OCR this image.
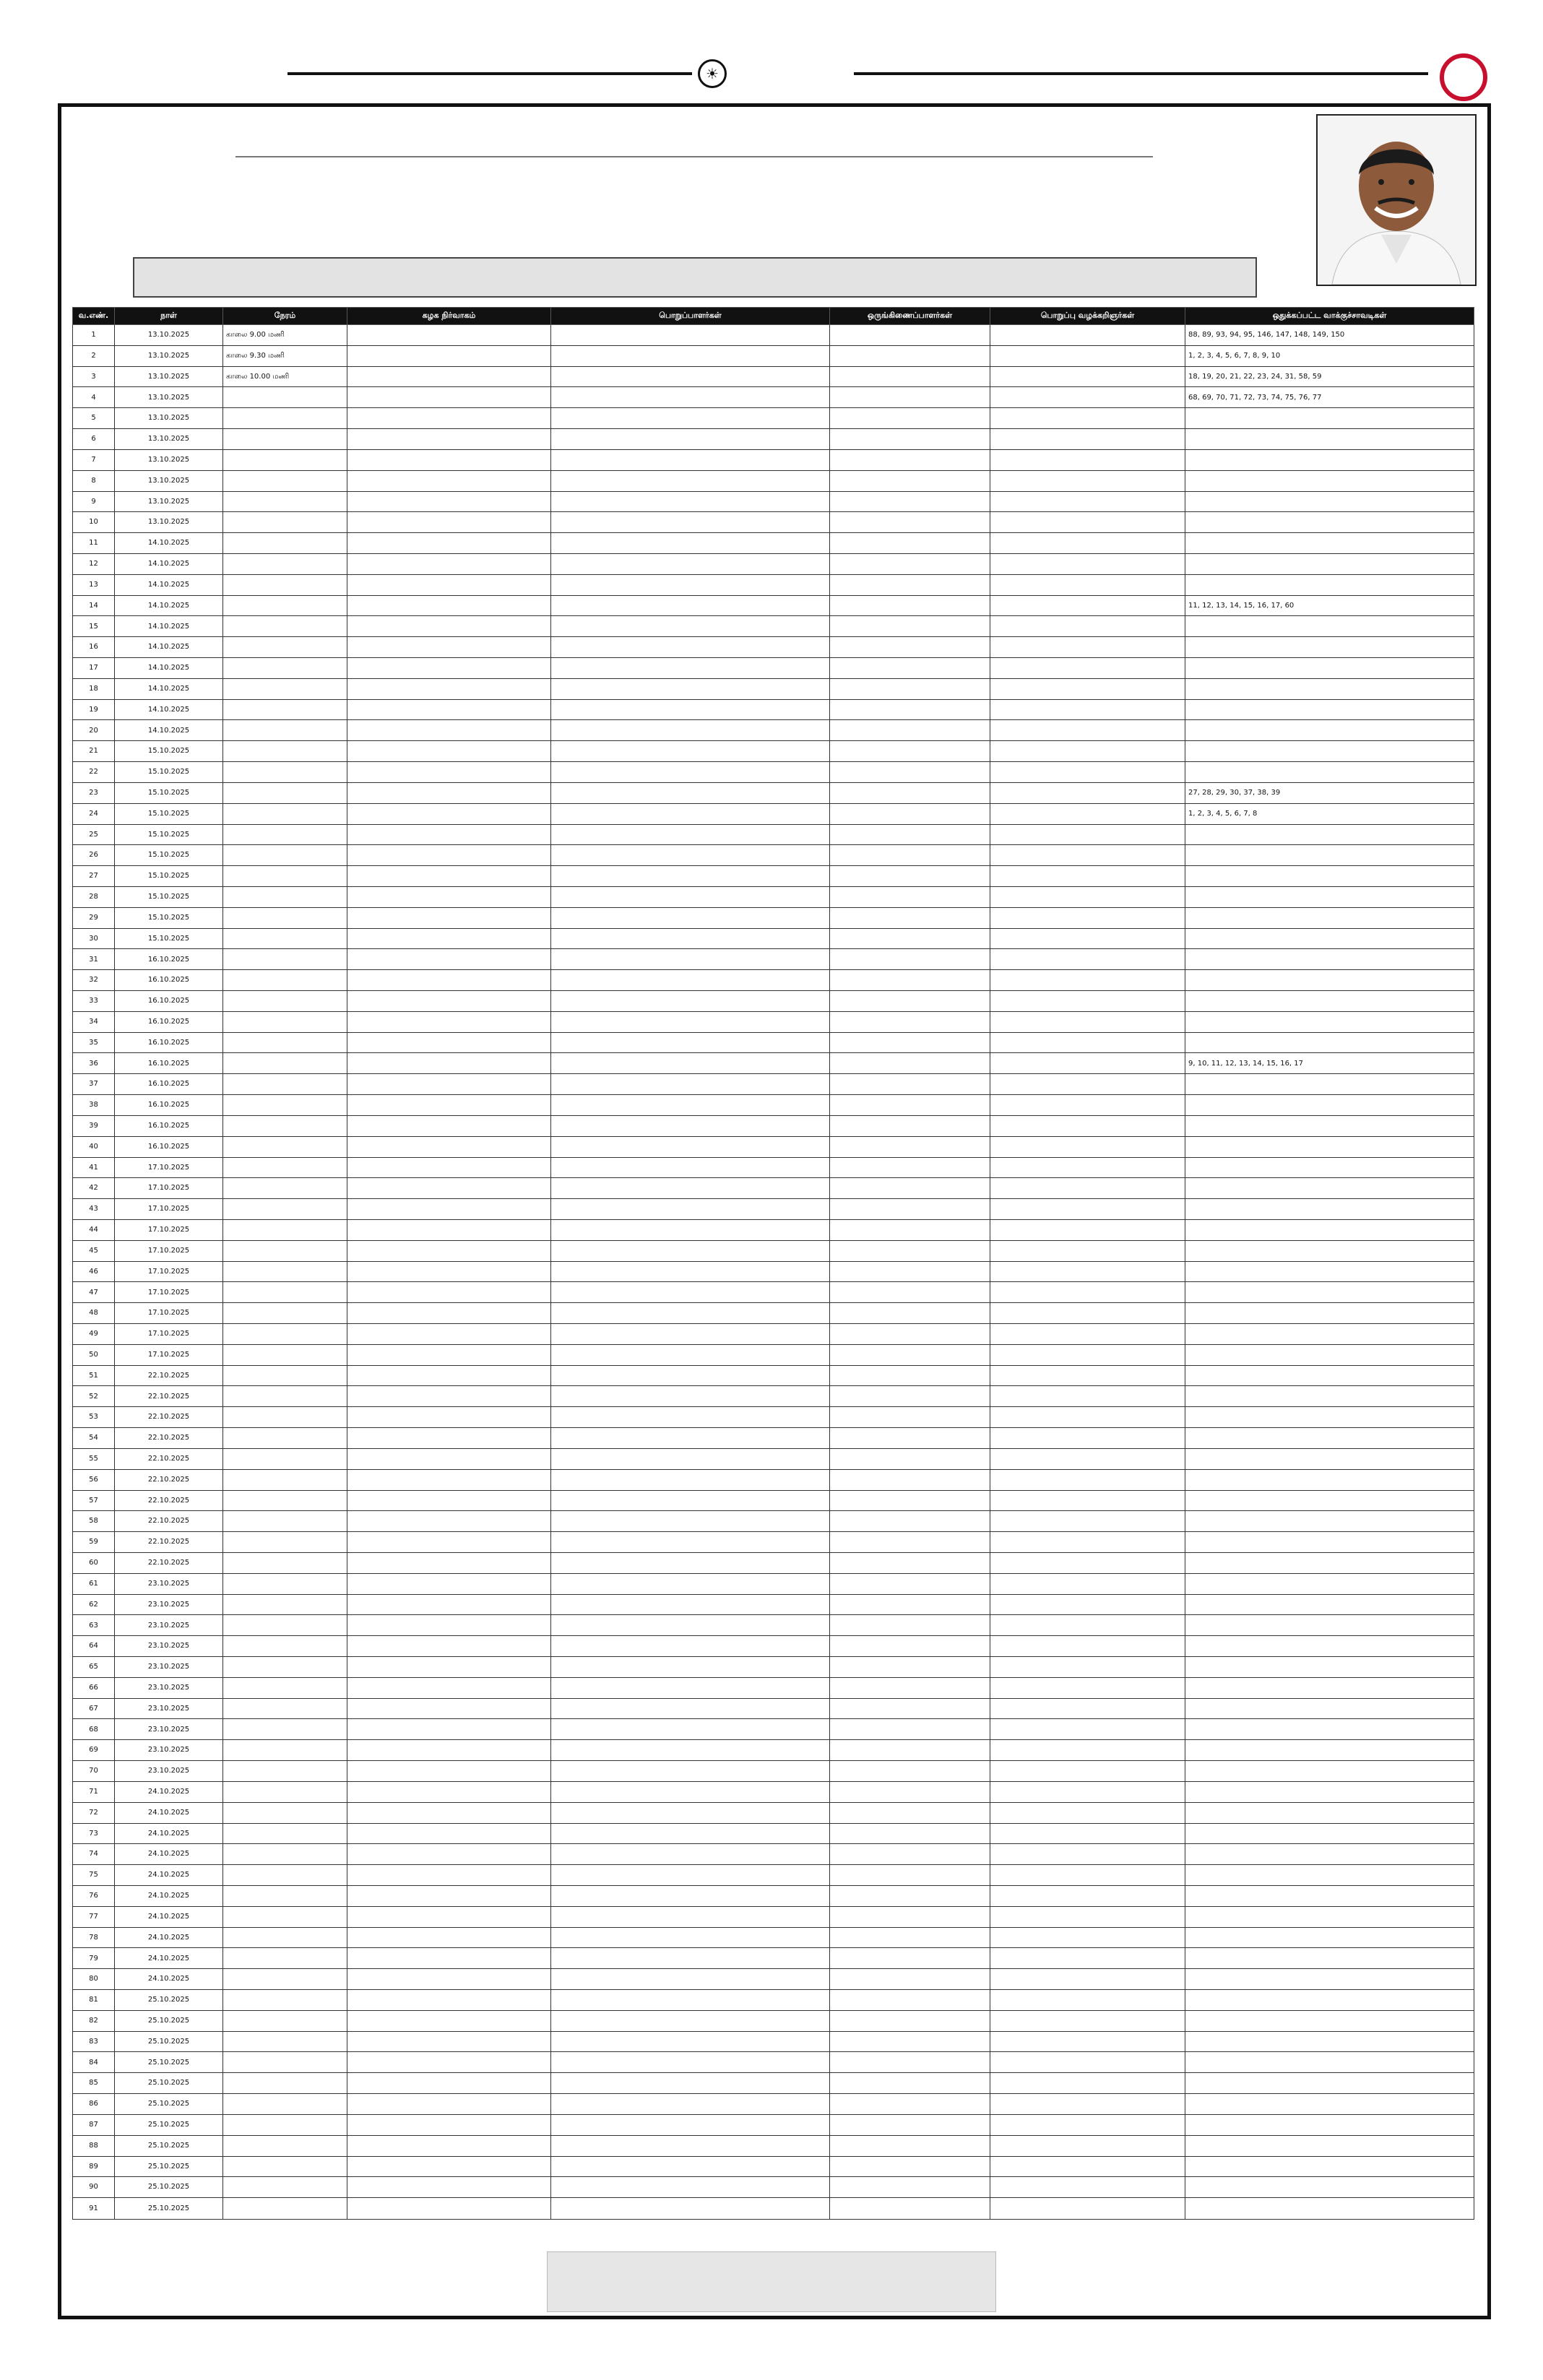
☀
வ.எண்.	நாள்	நேரம்	கழக நிர்வாகம்	பொறுப்பாளர்கள்	ஒருங்கிணைப்பாளர்கள்	பொறுப்பு வழக்கறிஞர்கள்	ஒதுக்கப்பட்ட வாக்குச்சாவடிகள்
1	13.10.2025	காலை 9.00 மணி					88, 89, 93, 94, 95, 146, 147, 148, 149, 150
2	13.10.2025	காலை 9.30 மணி					1, 2, 3, 4, 5, 6, 7, 8, 9, 10
3	13.10.2025	காலை 10.00 மணி					18, 19, 20, 21, 22, 23, 24, 31, 58, 59
4	13.10.2025						68, 69, 70, 71, 72, 73, 74, 75, 76, 77
5	13.10.2025						
6	13.10.2025						
7	13.10.2025						
8	13.10.2025						
9	13.10.2025						
10	13.10.2025						
11	14.10.2025						
12	14.10.2025						
13	14.10.2025						
14	14.10.2025						11, 12, 13, 14, 15, 16, 17, 60
15	14.10.2025						
16	14.10.2025						
17	14.10.2025						
18	14.10.2025						
19	14.10.2025						
20	14.10.2025						
21	15.10.2025						
22	15.10.2025						
23	15.10.2025						27, 28, 29, 30, 37, 38, 39
24	15.10.2025						1, 2, 3, 4, 5, 6, 7, 8
25	15.10.2025						
26	15.10.2025						
27	15.10.2025						
28	15.10.2025						
29	15.10.2025						
30	15.10.2025						
31	16.10.2025						
32	16.10.2025						
33	16.10.2025						
34	16.10.2025						
35	16.10.2025						
36	16.10.2025						9, 10, 11, 12, 13, 14, 15, 16, 17
37	16.10.2025						
38	16.10.2025						
39	16.10.2025						
40	16.10.2025						
41	17.10.2025						
42	17.10.2025						
43	17.10.2025						
44	17.10.2025						
45	17.10.2025						
46	17.10.2025						
47	17.10.2025						
48	17.10.2025						
49	17.10.2025						
50	17.10.2025						
51	22.10.2025						
52	22.10.2025						
53	22.10.2025						
54	22.10.2025						
55	22.10.2025						
56	22.10.2025						
57	22.10.2025						
58	22.10.2025						
59	22.10.2025						
60	22.10.2025						
61	23.10.2025						
62	23.10.2025						
63	23.10.2025						
64	23.10.2025						
65	23.10.2025						
66	23.10.2025						
67	23.10.2025						
68	23.10.2025						
69	23.10.2025						
70	23.10.2025						
71	24.10.2025						
72	24.10.2025						
73	24.10.2025						
74	24.10.2025						
75	24.10.2025						
76	24.10.2025						
77	24.10.2025						
78	24.10.2025						
79	24.10.2025						
80	24.10.2025						
81	25.10.2025						
82	25.10.2025						
83	25.10.2025						
84	25.10.2025						
85	25.10.2025						
86	25.10.2025						
87	25.10.2025						
88	25.10.2025						
89	25.10.2025						
90	25.10.2025						
91	25.10.2025						
